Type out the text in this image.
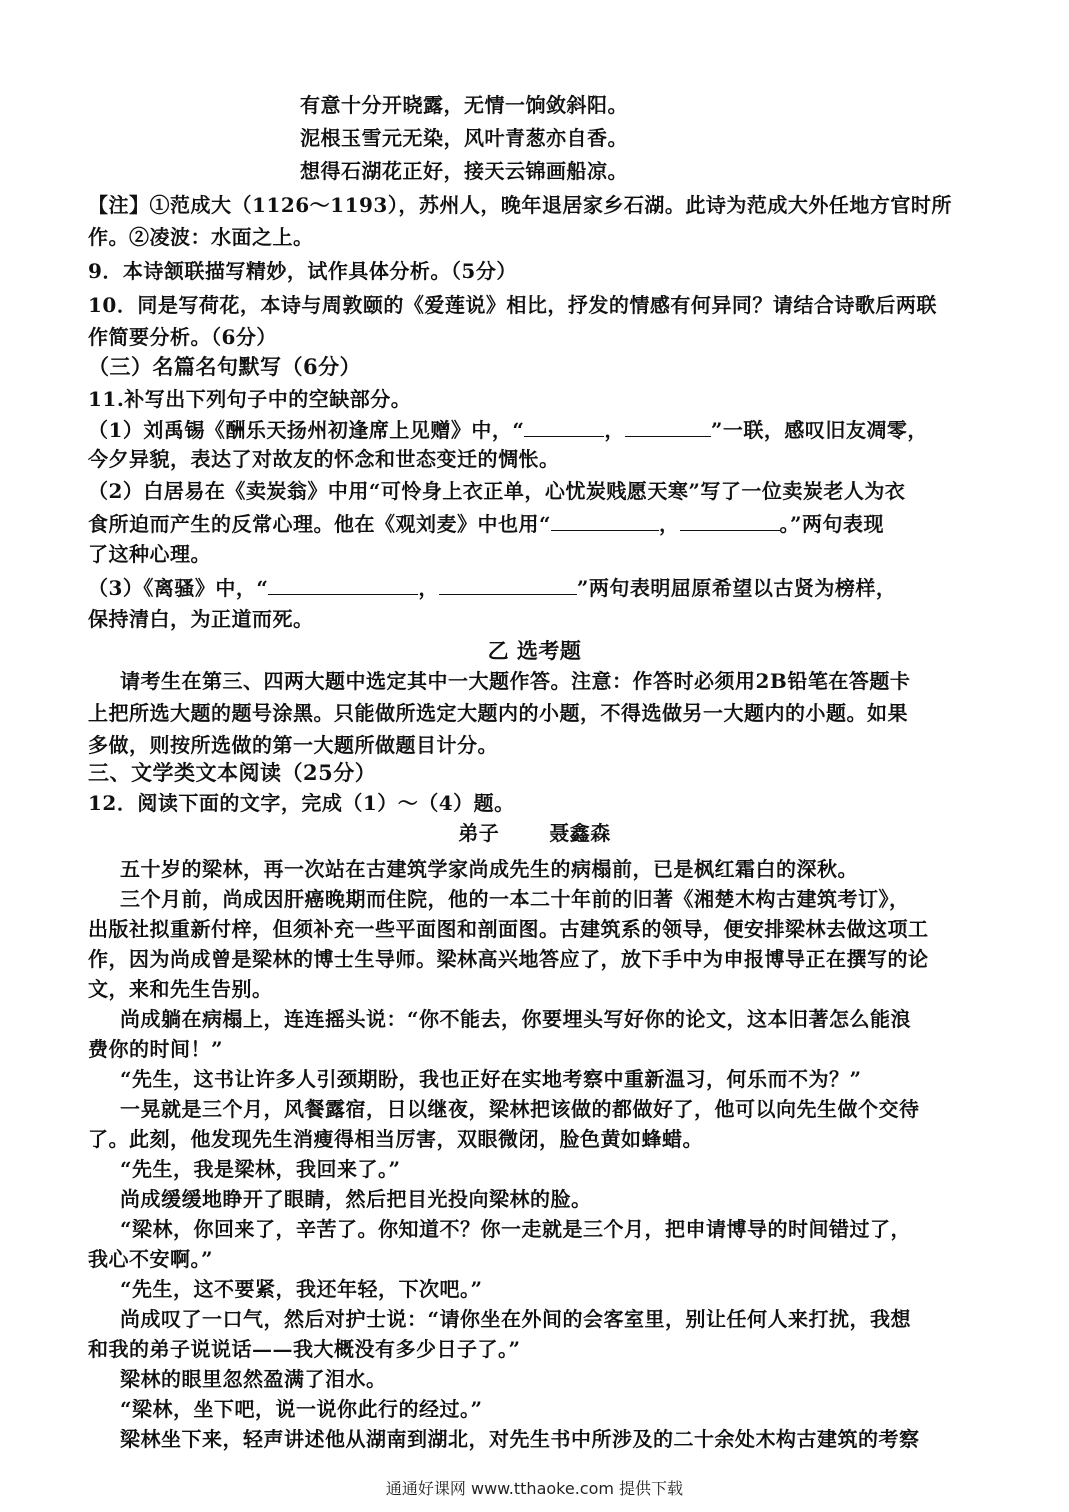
有意十分开晓露，无情一饷敛斜阳。
泥根玉雪元无染，风叶青葱亦自香。
想得石湖花正好，接天云锦画船凉。
【注】①范成大（1126～1193），苏州人，晚年退居家乡石湖。此诗为范成大外任地方官时所
作。②凌波：水面之上。
9．本诗颔联描写精妙，试作具体分析。（5分）
10．同是写荷花，本诗与周敦颐的《爱莲说》相比，抒发的情感有何异同？请结合诗歌后两联
作简要分析。（6分）
（三）名篇名句默写（6分）
11.补写出下列句子中的空缺部分。
（1）刘禹锡《酬乐天扬州初逢席上见赠》中，“	，	”一联，感叹旧友凋零，
今夕异貌，表达了对故友的怀念和世态变迁的惆怅。
（2）白居易在《卖炭翁》中用“可怜身上衣正单，心忧炭贱愿天寒”写了一位卖炭老人为衣
食所迫而产生的反常心理。他在《观刘麦》中也用“	，	。”两句表现
了这种心理。
（3）《离骚》中，“	，	”两句表明屈原希望以古贤为榜样，
保持清白，为正道而死。
乙 选考题
请考生在第三、四两大题中选定其中一大题作答。注意：作答时必须用2B铅笔在答题卡
上把所选大题的题号涂黑。只能做所选定大题内的小题，不得选做另一大题内的小题。如果
多做，则按所选做的第一大题所做题目计分。
三、文学类文本阅读（25分）
12．阅读下面的文字，完成（1）～（4）题。
弟子	聂鑫森
五十岁的梁林，再一次站在古建筑学家尚成先生的病榻前，已是枫红霜白的深秋。
三个月前，尚成因肝癌晚期而住院，他的一本二十年前的旧著《湘楚木构古建筑考订》，
出版社拟重新付梓，但须补充一些平面图和剖面图。古建筑系的领导，便安排梁林去做这项工
作，因为尚成曾是梁林的博士生导师。梁林高兴地答应了，放下手中为申报博导正在撰写的论
文，来和先生告别。
尚成躺在病榻上，连连摇头说：“你不能去，你要埋头写好你的论文，这本旧著怎么能浪
费你的时间！”
“先生，这书让许多人引颈期盼，我也正好在实地考察中重新温习，何乐而不为？”
一晃就是三个月，风餐露宿，日以继夜，梁林把该做的都做好了，他可以向先生做个交待
了。此刻，他发现先生消瘦得相当厉害，双眼微闭，脸色黄如蜂蜡。
“先生，我是梁林，我回来了。”
尚成缓缓地睁开了眼睛，然后把目光投向梁林的脸。
“梁林，你回来了，辛苦了。你知道不？你一走就是三个月，把申请博导的时间错过了，
我心不安啊。”
“先生，这不要紧，我还年轻，下次吧。”
尚成叹了一口气，然后对护士说：“请你坐在外间的会客室里，别让任何人来打扰，我想
和我的弟子说说话——我大概没有多少日子了。”
梁林的眼里忽然盈满了泪水。
“梁林，坐下吧，说一说你此行的经过。”
梁林坐下来，轻声讲述他从湖南到湖北，对先生书中所涉及的二十余处木构古建筑的考察
通通好课网 www.tthaoke.com 提供下载
